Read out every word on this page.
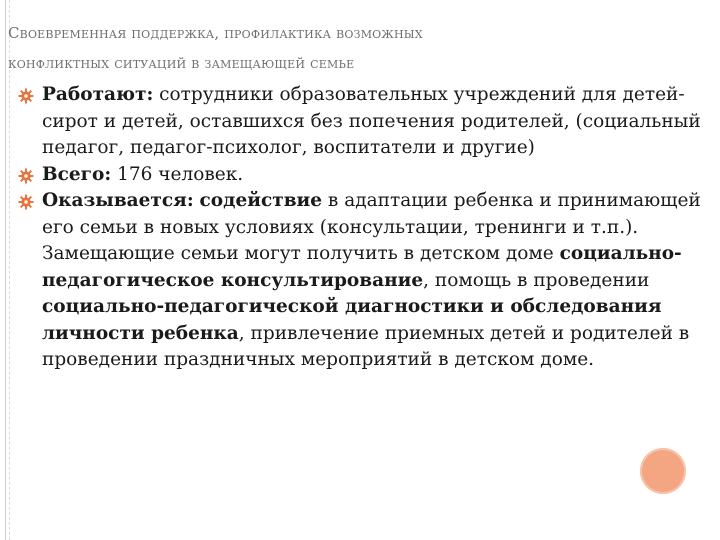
Своевременная поддержка, профилактика возможных
конфликтных ситуаций в замещающей семье
Работают: сотрудники образовательных учреждений для детей-сирот и детей, оставшихся без попечения родителей, (социальный педагог, педагог-психолог, воспитатели и другие)
Всего: 176 человек.
Оказывается: содействие в адаптации ребенка и принимающей его семьи в новых условиях (консультации, тренинги и т.п.). Замещающие семьи могут получить в детском доме социально-педагогическое консультирование, помощь в проведении социально-педагогической диагностики и обследования личности ребенка, привлечение приемных детей и родителей в проведении праздничных мероприятий в детском доме.
